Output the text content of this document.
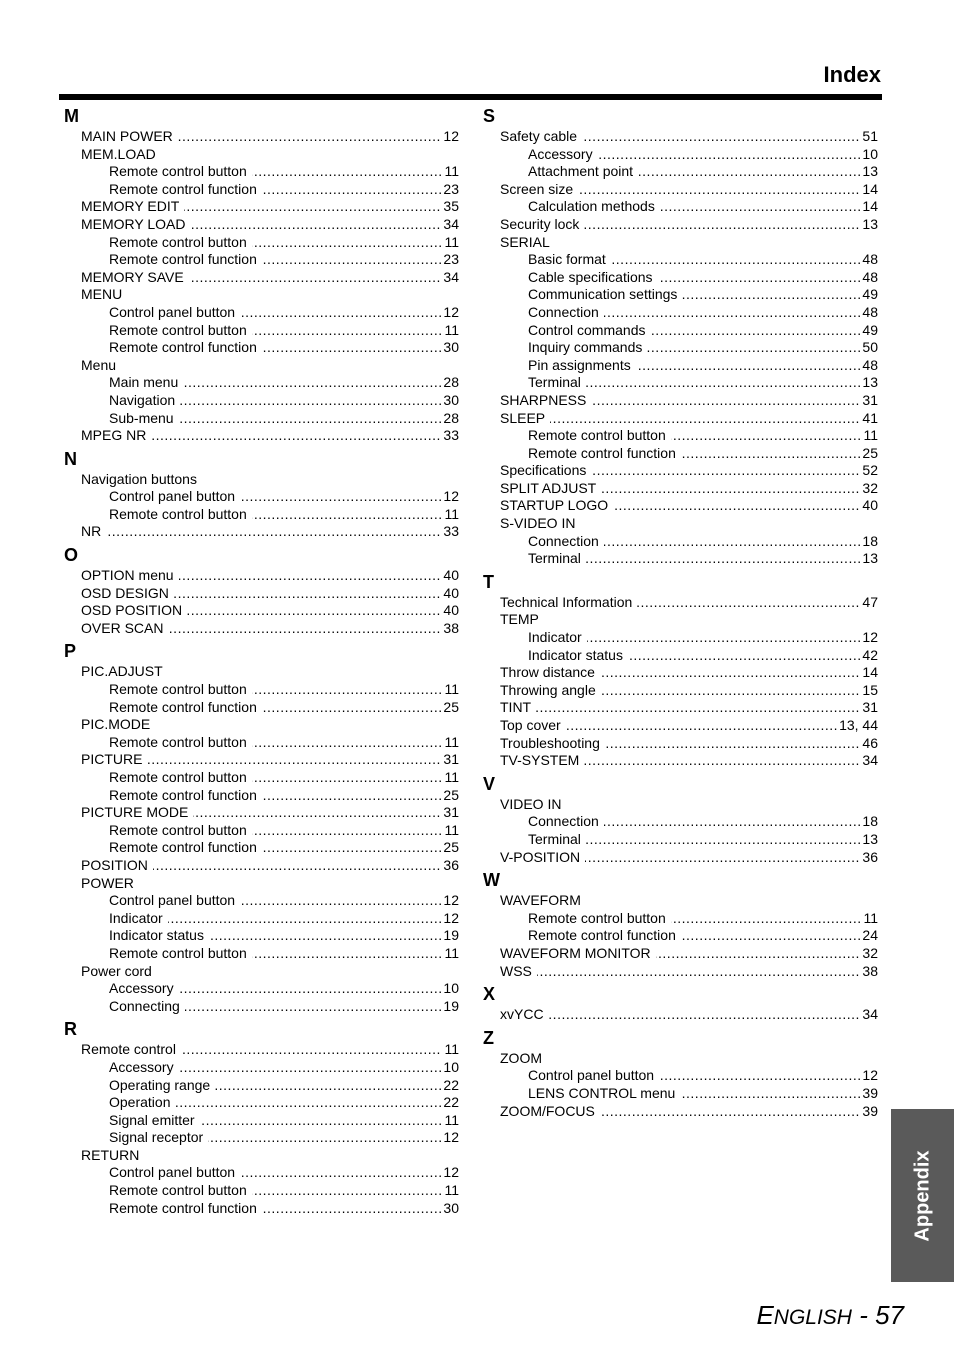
Index
M
.....
MAIN POWER	12
MEM.LOAD
.....
Remote control button	11
.....
Remote control function	23
.....
MEMORY EDIT	35
.....
MEMORY LOAD	34
.....
Remote control button	11
.....
Remote control function	23
.....
MEMORY SAVE	34
MENU
.....
Control panel button	12
.....
Remote control button	11
.....
Remote control function	30
Menu
.....
Main menu	28
.....
Navigation	30
.....
Sub-menu	28
.....
MPEG NR	33
N
Navigation buttons
.....
Control panel button	12
.....
Remote control button	11
.....
NR	33
O
.....
OPTION menu	40
.....
OSD DESIGN	40
.....
OSD POSITION	40
.....
OVER SCAN	38
P
PIC.ADJUST
.....
Remote control button	11
.....
Remote control function	25
PIC.MODE
.....
Remote control button	11
.....
PICTURE	31
.....
Remote control button	11
.....
Remote control function	25
.....
PICTURE MODE	31
.....
Remote control button	11
.....
Remote control function	25
.....
POSITION	36
POWER
.....
Control panel button	12
.....
Indicator	12
.....
Indicator status	19
.....
Remote control button	11
Power cord
.....
Accessory	10
.....
Connecting	19
R
.....
Remote control	11
.....
Accessory	10
.....
Operating range	22
.....
Operation	22
.....
Signal emitter	11
.....
Signal receptor	12
RETURN
.....
Control panel button	12
.....
Remote control button	11
.....
Remote control function	30
S
.....
Safety cable	51
.....
Accessory	10
.....
Attachment point	13
.....
Screen size	14
.....
Calculation methods	14
.....
Security lock	13
SERIAL
.....
Basic format	48
.....
Cable specifications	48
.....
Communication settings	49
.....
Connection	48
.....
Control commands	49
.....
Inquiry commands	50
.....
Pin assignments	48
.....
Terminal	13
.....
SHARPNESS	31
.....
SLEEP	41
.....
Remote control button	11
.....
Remote control function	25
.....
Specifications	52
.....
SPLIT ADJUST	32
.....
STARTUP LOGO	40
S-VIDEO IN
.....
Connection	18
.....
Terminal	13
T
.....
Technical Information	47
TEMP
.....
Indicator	12
.....
Indicator status	42
.....
Throw distance	14
.....
Throwing angle	15
.....
TINT	31
.....
Top cover	13, 44
.....
Troubleshooting	46
.....
TV-SYSTEM	34
V
VIDEO IN
.....
Connection	18
.....
Terminal	13
.....
V-POSITION	36
W
WAVEFORM
.....
Remote control button	11
.....
Remote control function	24
.....
WAVEFORM MONITOR	32
.....
WSS	38
X
.....
xvYCC	34
Z
ZOOM
.....
Control panel button	12
.....
LENS CONTROL menu	39
.....
ZOOM/FOCUS	39
Appendix
ENGLISH - 57
